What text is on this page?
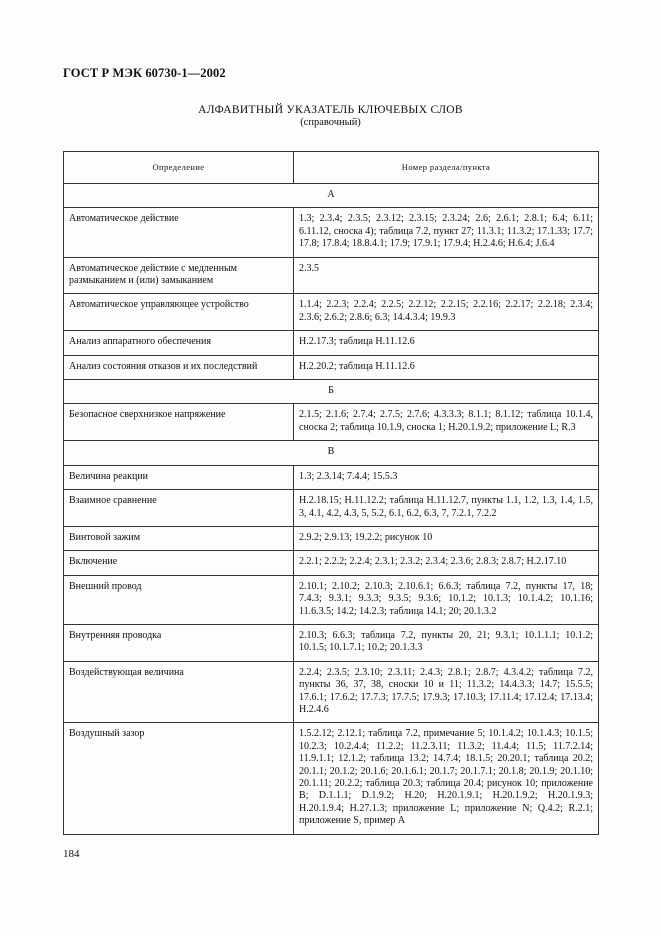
ГОСТ Р МЭК 60730-1—2002
АЛФАВИТНЫЙ УКАЗАТЕЛЬ КЛЮЧЕВЫХ СЛОВ
(справочный)
Определение	Номер раздела/пункта
А	
Автоматическое действие	1.3; 2.3.4; 2.3.5; 2.3.12; 2.3.15; 2.3.24; 2.6; 2.6.1; 2.8.1; 6.4; 6.11; 6.11.12, сноска 4); таблица 7.2, пункт 27; 11.3.1; 11.3.2; 17.1.33; 17.7; 17.8; 17.8.4; 18.8.4.1; 17.9; 17.9.1; 17.9.4; H.2.4.6; H.6.4; J.6.4
Автоматическое действие с медленным размыканием и (или) замыканием	2.3.5
Автоматическое управляющее устройство	1.1.4; 2.2.3; 2.2.4; 2.2.5; 2.2.12; 2.2.15; 2.2.16; 2.2.17; 2.2.18; 2.3.4; 2.3.6; 2.6.2; 2.8.6; 6.3; 14.4.3.4; 19.9.3
Анализ аппаратного обеспечения	H.2.17.3; таблица H.11.12.6
Анализ состояния отказов и их последствий	H.2.20.2; таблица H.11.12.6
Б	
Безопасное сверхнизкое напряжение	2.1.5; 2.1.6; 2.7.4; 2.7.5; 2.7.6; 4.3.3.3; 8.1.1; 8.1.12; таблица 10.1.4, сноска 2; таблица 10.1.9, сноска 1; H.20.1.9.2; приложение L; R.3
В	
Величина реакции	1.3; 2.3.14; 7.4.4; 15.5.3
Взаимное сравнение	H.2.18.15; H.11.12.2; таблица H.11.12.7, пункты 1.1, 1.2, 1.3, 1.4, 1.5, 3, 4.1, 4.2, 4.3, 5, 5.2, 6.1, 6.2, 6.3, 7, 7.2.1, 7.2.2
Винтовой зажим	2.9.2; 2.9.13; 19.2.2; рисунок 10
Включение	2.2.1; 2.2.2; 2.2.4; 2.3.1; 2.3.2; 2.3.4; 2.3.6; 2.8.3; 2.8.7; H.2.17.10
Внешний провод	2.10.1; 2.10.2; 2.10.3; 2.10.6.1; 6.6.3; таблица 7.2, пункты 17, 18; 7.4.3; 9.3.1; 9.3.3; 9.3.5; 9.3.6; 10.1.2; 10.1.3; 10.1.4.2; 10.1.16; 11.6.3.5; 14.2; 14.2.3; таблица 14.1; 20; 20.1.3.2
Внутренняя проводка	2.10.3; 6.6.3; таблица 7.2, пункты 20, 21; 9.3.1; 10.1.1.1; 10.1.2; 10.1.5; 10.1.7.1; 10.2; 20.1.3.3
Воздействующая величина	2.2.4; 2.3.5; 2.3.10; 2.3.11; 2.4.3; 2.8.1; 2.8.7; 4.3.4.2; таблица 7.2, пункты 36, 37, 38, сноски 10 и 11; 11.3.2; 14.4.3.3; 14.7; 15.5.5; 17.6.1; 17.6.2; 17.7.3; 17.7.5; 17.9.3; 17.10.3; 17.11.4; 17.12.4; 17.13.4; H.2.4.6
Воздушный зазор	1.5.2.12; 2.12.1; таблица 7.2, примечание 5; 10.1.4.2; 10.1.4.3; 10.1.5; 10.2.3; 10.2.4.4; 11.2.2; 11.2.3.11; 11.3.2; 11.4.4; 11.5; 11.7.2.14; 11.9.1.1; 12.1.2; таблица 13.2; 14.7.4; 18.1.5; 20.20.1; таблица 20.2; 20.1.1; 20.1.2; 20.1.6; 20.1.6.1; 20.1.7; 20.1.7.1; 20.1.8; 20.1.9; 20.1.10; 20.1.11; 20.2.2; таблица 20.3; таблица 20.4; рисунок 10; приложение B; D.1.1.1; D.1.9.2; H.20; H.20.1.9.1; H.20.1.9.2; H.20.1.9.3; H.20.1.9.4; H.27.1.3; приложение L; приложение N; Q.4.2; R.2.1; приложение S, пример A
184
